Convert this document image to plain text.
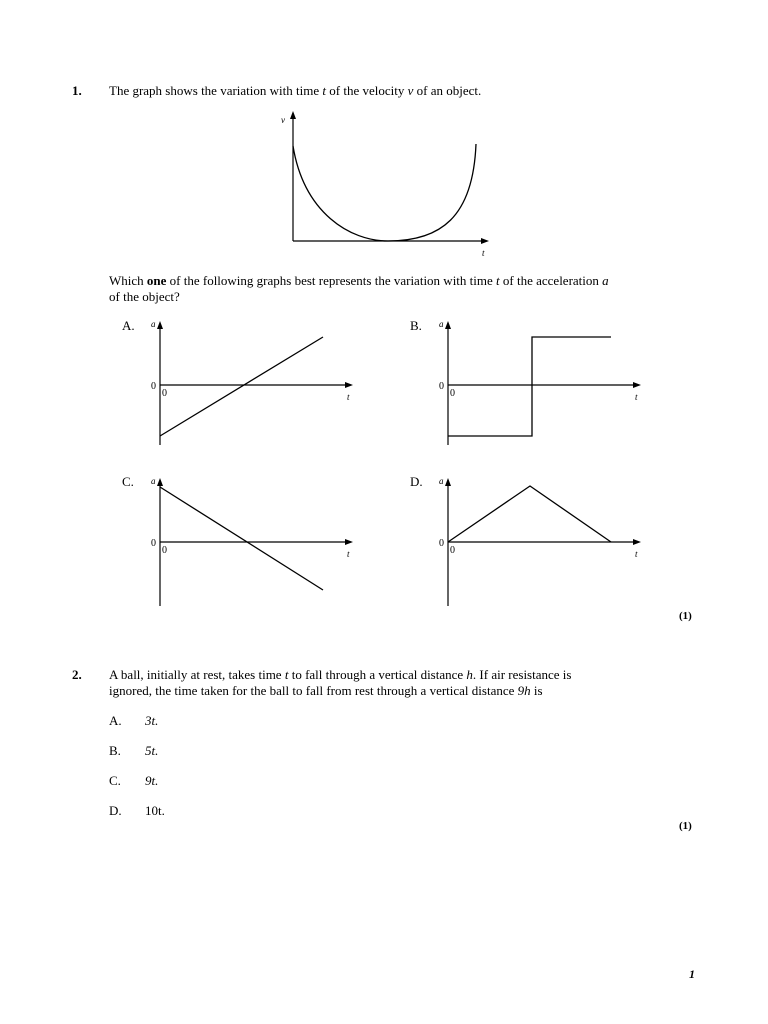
1. The graph shows the variation with time t of the velocity v of an object.
v
t
Which one of the following graphs best represents the variation with time t of the acceleration a
of the object?
A. a
0
0	t
B. a
0
0	t
C. a
0
0	t
D. a
0
0	t
(1)
2. A ball, initially at rest, takes time t to fall through a vertical distance h. If air resistance is
ignored, the time taken for the ball to fall from rest through a vertical distance 9h is
A. 3t.
B. 5t.
C. 9t.
D. 10t.
(1)
1
